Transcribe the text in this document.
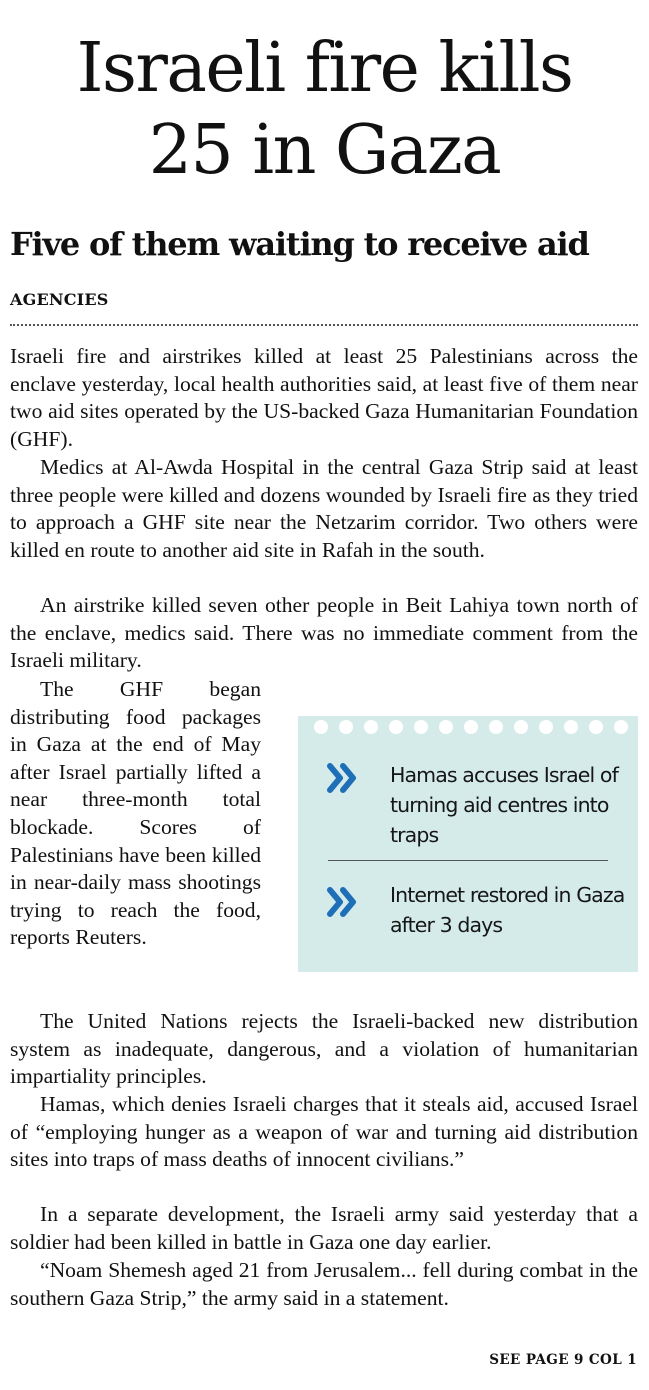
Israeli fire kills
25 in Gaza
Five of them waiting to receive aid
AGENCIES

Israeli fire and airstrikes killed at least 25 Palestinians across the enclave yesterday, local health authorities said, at least five of them near two aid sites operated by the US-backed Gaza Humanitarian Foundation (GHF).

Medics at Al-Awda Hospital in the central Gaza Strip said at least three people were killed and dozens wounded by Israeli fire as they tried to approach a GHF site near the Netzarim corridor. Two others were killed en route to another aid site in Rafah in the south.

An airstrike killed seven other people in Beit Lahiya town north of the enclave, medics said. There was no immediate comment from the Israeli military.

The GHF began distributing food packages in Gaza at the end of May after Israel partially lifted a near three-month total blockade. Scores of Palestinians have been killed in near-daily mass shootings trying to reach the food, reports Reuters.

The United Nations rejects the Israeli-backed new distribution system as inadequate, dangerous, and a violation of humanitarian impartiality principles.

Hamas, which denies Israeli charges that it steals aid, accused Israel of “employing hunger as a weapon of war and turning aid distribution sites into traps of mass deaths of innocent civilians.”

In a separate development, the Israeli army said yesterday that a soldier had been killed in battle in Gaza one day earlier.

“Noam Shemesh aged 21 from Jerusalem... fell during combat in the southern Gaza Strip,” the army said in a statement.

Hamas accuses Israel of turning aid centres into traps
Internet restored in Gaza after 3 days
SEE PAGE 9 COL 1
